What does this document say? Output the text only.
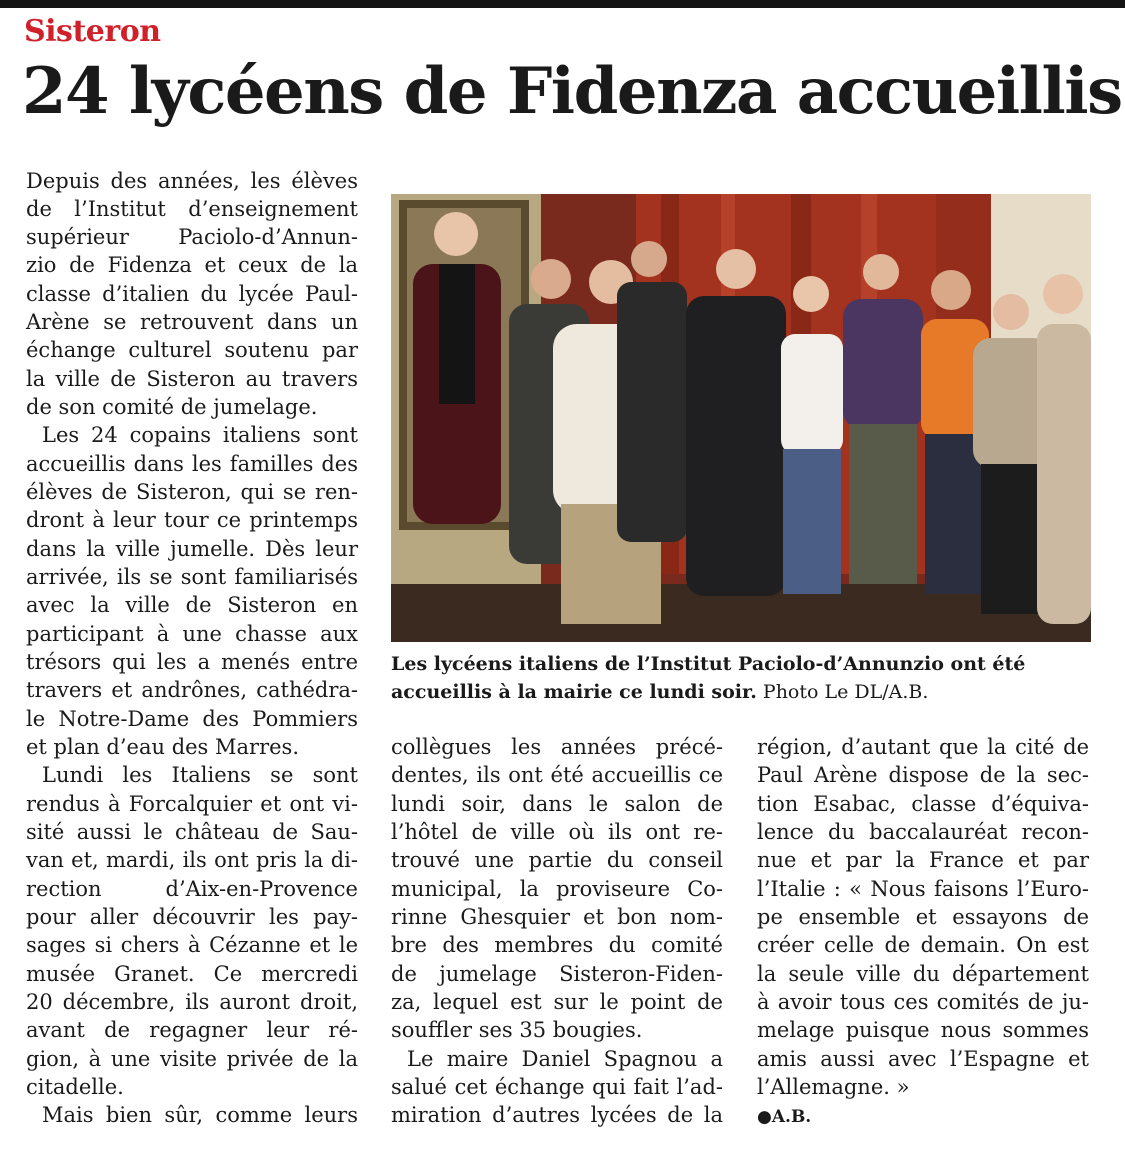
Sisteron
24 lycéens de Fidenza accueillis
Depuis des années, les élèves
de l’Institut d’enseignement
supérieur Paciolo-d’Annun-
zio de Fidenza et ceux de la
classe d’italien du lycée Paul-
Arène se retrouvent dans un
échange culturel soutenu par
la ville de Sisteron au travers
de son comité de jumelage.
Les 24 copains italiens sont
accueillis dans les familles des
élèves de Sisteron, qui se ren-
dront à leur tour ce printemps
dans la ville jumelle. Dès leur
arrivée, ils se sont familiarisés
avec la ville de Sisteron en
participant à une chasse aux
trésors qui les a menés entre
travers et andrônes, cathédra-
le Notre-Dame des Pommiers
et plan d’eau des Marres.
Lundi les Italiens se sont
rendus à Forcalquier et ont vi-
sité aussi le château de Sau-
van et, mardi, ils ont pris la di-
rection d’Aix-en-Provence
pour aller découvrir les pay-
sages si chers à Cézanne et le
musée Granet. Ce mercredi
20 décembre, ils auront droit,
avant de regagner leur ré-
gion, à une visite privée de la
citadelle.
Mais bien sûr, comme leurs
Les lycéens italiens de l’Institut Paciolo-d’Annunzio ont été accueillis à la mairie ce lundi soir. Photo Le DL/A.B.
collègues les années précé-
dentes, ils ont été accueillis ce
lundi soir, dans le salon de
l’hôtel de ville où ils ont re-
trouvé une partie du conseil
municipal, la proviseure Co-
rinne Ghesquier et bon nom-
bre des membres du comité
de jumelage Sisteron-Fiden-
za, lequel est sur le point de
souffler ses 35 bougies.
Le maire Daniel Spagnou a
salué cet échange qui fait l’ad-
miration d’autres lycées de la
région, d’autant que la cité de
Paul Arène dispose de la sec-
tion Esabac, classe d’équiva-
lence du baccalauréat recon-
nue et par la France et par
l’Italie : « Nous faisons l’Euro-
pe ensemble et essayons de
créer celle de demain. On est
la seule ville du département
à avoir tous ces comités de ju-
melage puisque nous sommes
amis aussi avec l’Espagne et
l’Allemagne. »
●A.B.
